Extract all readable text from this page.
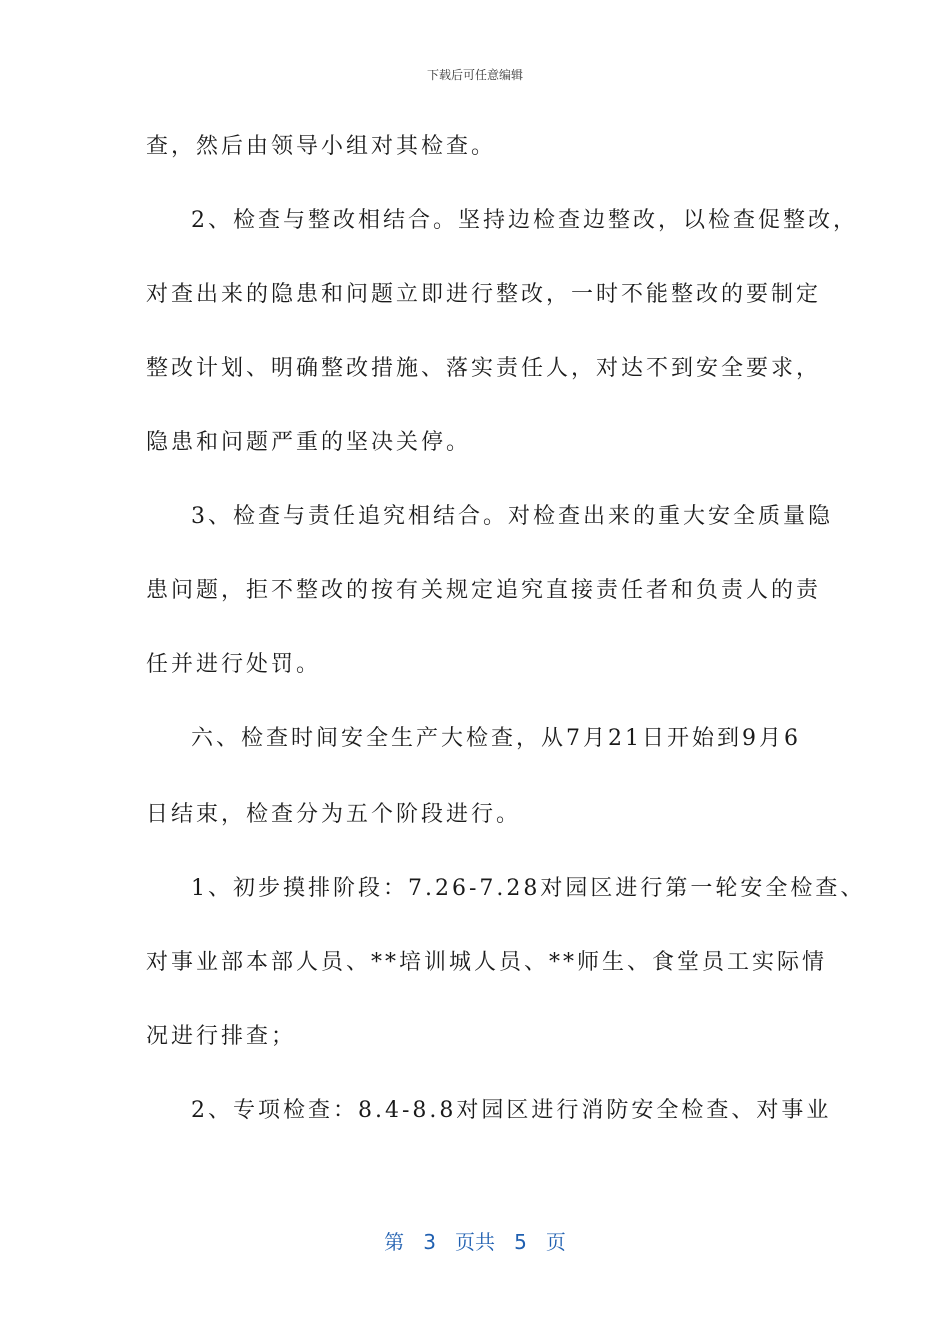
下载后可任意编辑
查，然后由领导小组对其检查。
2、检查与整改相结合。坚持边检查边整改，以检查促整改，
对查出来的隐患和问题立即进行整改，一时不能整改的要制定
整改计划、明确整改措施、落实责任人，对达不到安全要求，
隐患和问题严重的坚决关停。
3、检查与责任追究相结合。对检查出来的重大安全质量隐
患问题，拒不整改的按有关规定追究直接责任者和负责人的责
任并进行处罚。
六、检查时间安全生产大检查，从7月21日开始到9月6
日结束，检查分为五个阶段进行。
1、初步摸排阶段：7.26-7.28对园区进行第一轮安全检查、
对事业部本部人员、**培训城人员、**师生、食堂员工实际情
况进行排查；
2、专项检查：8.4-8.8对园区进行消防安全检查、对事业
第 3 页共 5 页
